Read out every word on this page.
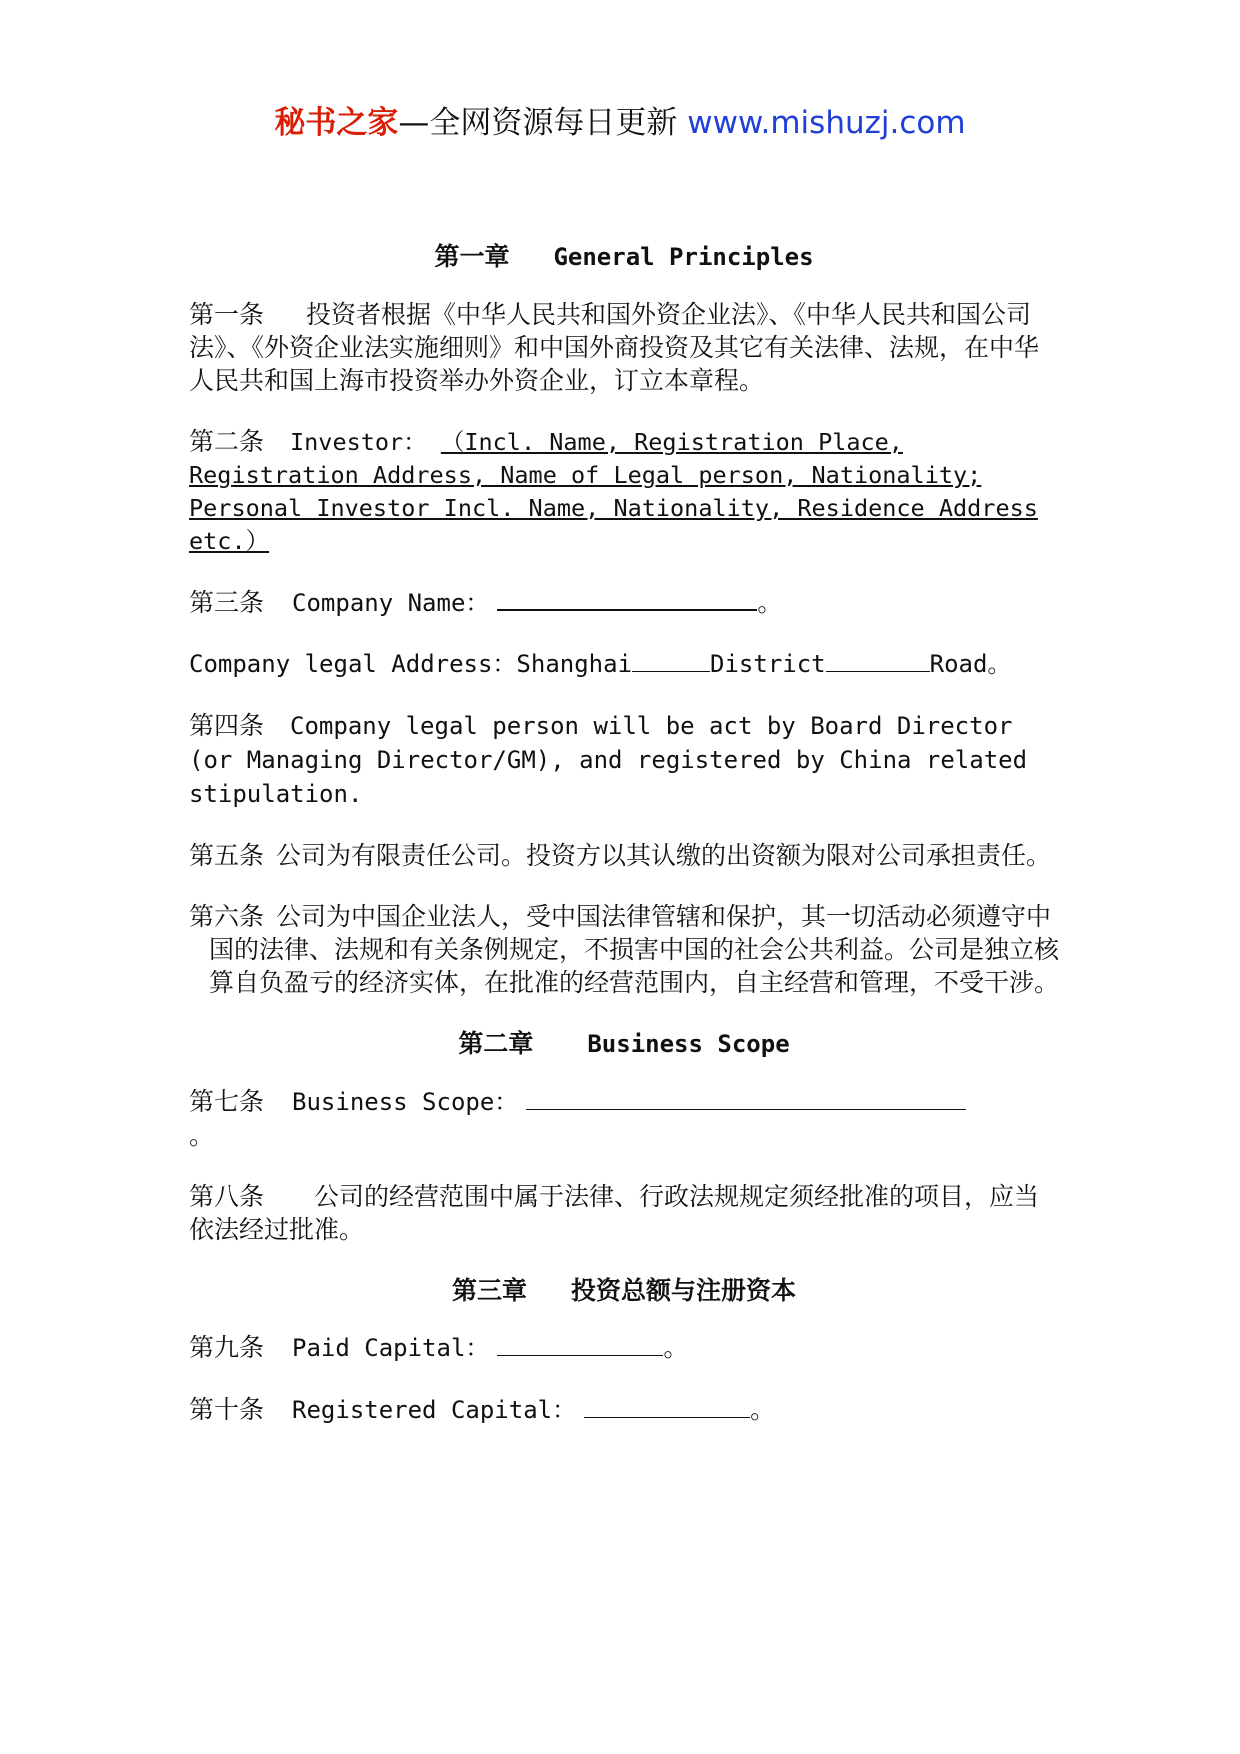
秘书之家—全网资源每日更新 www.mishuzj.com
第一章 General Principles

第一条 投资者根据《中华人民共和国外资企业法》、《中华人民共和国公司法》、《外资企业法实施细则》和中国外商投资及其它有关法律、法规，在中华人民共和国上海市投资举办外资企业，订立本章程。

第二条 Investor： （Incl. Name, Registration Place, Registration Address, Name of Legal person, Nationality; Personal Investor Incl. Name, Nationality, Residence Address etc.）

第三条 Company Name：	。

Company legal Address：Shanghai	District	Road。

第四条 Company legal person will be act by Board Director (or Managing Director/GM), and registered by China related stipulation.

第五条 公司为有限责任公司。投资方以其认缴的出资额为限对公司承担责任。

第六条 公司为中国企业法人，受中国法律管辖和保护，其一切活动必须遵守中国的法律、法规和有关条例规定，不损害中国的社会公共利益。公司是独立核算自负盈亏的经济实体，在批准的经营范围内，自主经营和管理，不受干涉。

第二章 Business Scope

第七条 Business Scope：
。

第八条 公司的经营范围中属于法律、行政法规规定须经批准的项目，应当依法经过批准。

第三章 投资总额与注册资本

第九条 Paid Capital：	。

第十条 Registered Capital：	。
